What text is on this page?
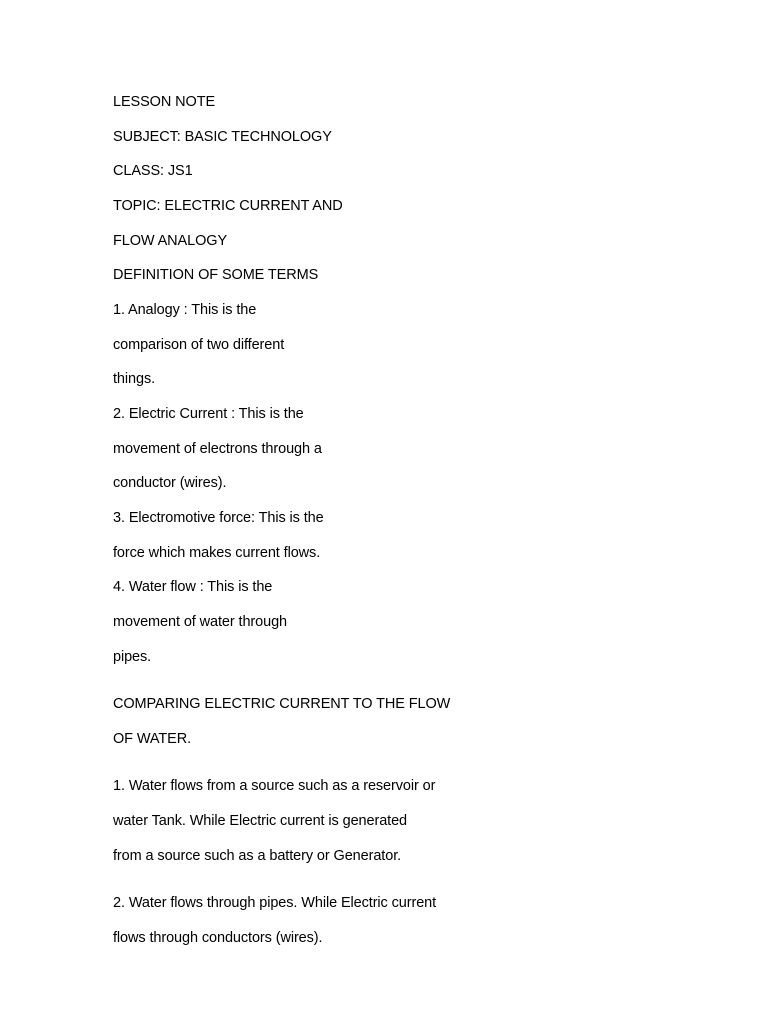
LESSON NOTE
SUBJECT: BASIC TECHNOLOGY
CLASS: JS1
TOPIC: ELECTRIC CURRENT AND
FLOW ANALOGY
DEFINITION OF SOME TERMS
1. Analogy : This is the
comparison of two different
things.
2. Electric Current : This is the
movement of electrons through a
conductor (wires).
3. Electromotive force: This is the
force which makes current flows.
4. Water flow : This is the
movement of water through
pipes.
COMPARING ELECTRIC CURRENT TO THE FLOW
OF WATER.
1. Water flows from a source such as a reservoir or
water Tank. While Electric current is generated
from a source such as a battery or Generator.
2. Water flows through pipes. While Electric current
flows through conductors (wires).
